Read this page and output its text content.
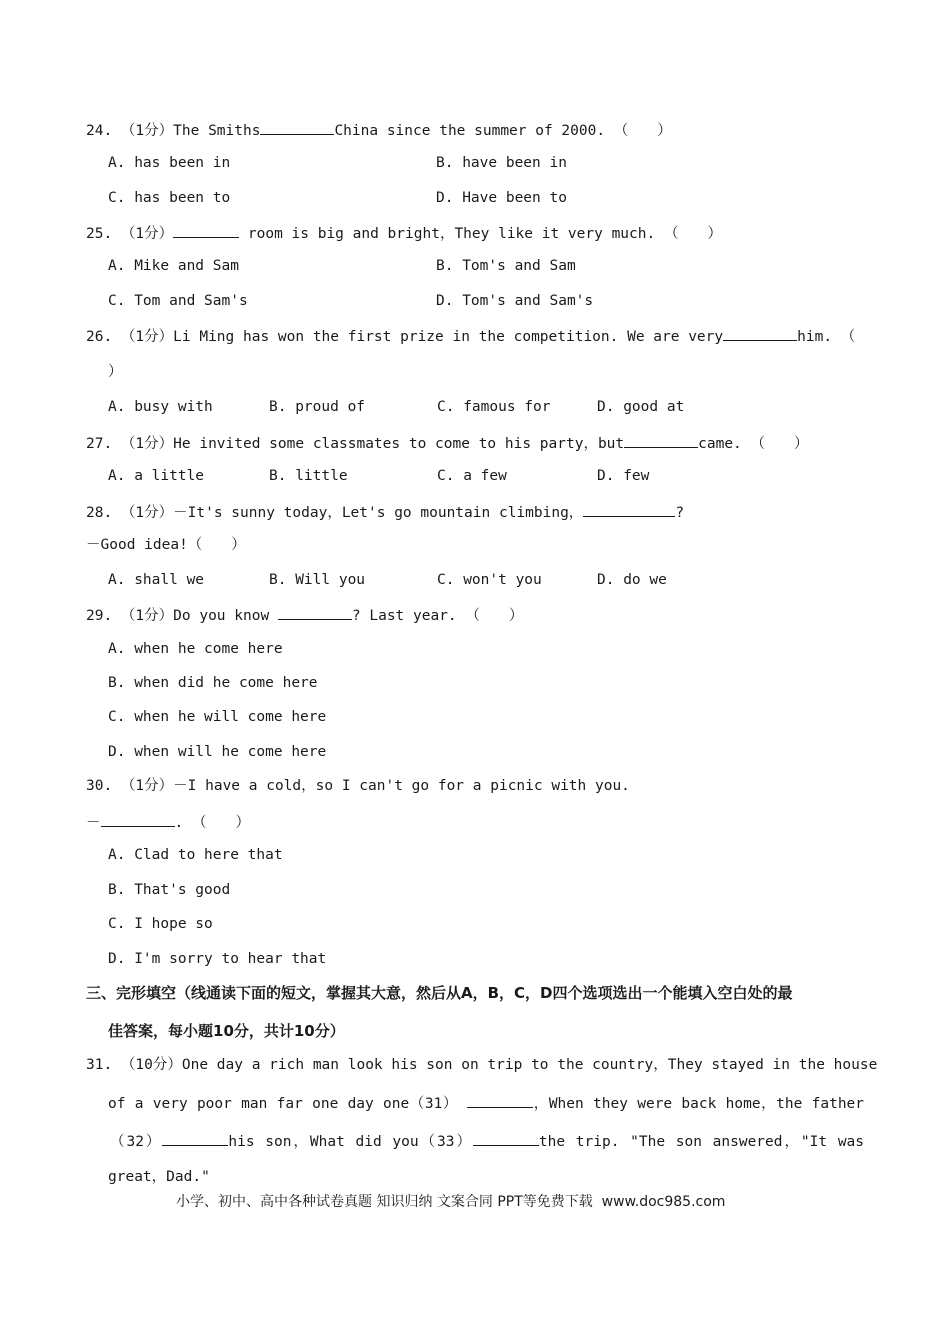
24. （1分）The Smiths	China since the summer of 2000. （　　）
A. has been in	B. have been in
C. has been to	D. Have been to
25. （1分）	room is big and bright，They like it very much. （　　）
A. Mike and Sam	B. Tom's and Sam
C. Tom and Sam's	D. Tom's and Sam's
26. （1分）Li Ming has won the first prize in the competition. We are very	him. （
）
A. busy with	B. proud of	C. famous for	D. good at
27. （1分）He invited some classmates to come to his party，but	came. （　　）
A. a little	B. little	C. a few	D. few
28. （1分）－It's sunny today，Let's go mountain climbing，	?
－Good idea!（　　）
A. shall we	B. Will you	C. won't you	D. do we
29. （1分）Do you know	? Last year. （　　）
A. when he come here
B. when did he come here
C. when he will come here
D. when will he come here
30. （1分）－I have a cold，so I can't go for a picnic with you.
－	. （　　）
A. Clad to here that
B. That's good
C. I hope so
D. I'm sorry to hear that
三、完形填空（线通读下面的短文，掌握其大意，然后从A，B，C，D四个选项选出一个能填入空白处的最
佳答案，每小题10分，共计10分）
31. （10分）One day a rich man look his son on trip to the country，They stayed in the house
of a very poor man far one day one（31）	，When they were back home，the father
（32）	his son，What did you（33）	the trip. "The son answered，"It was
great，Dad."
小学、初中、高中各种试卷真题 知识归纳 文案合同 PPT等免费下载  www.doc985.com
